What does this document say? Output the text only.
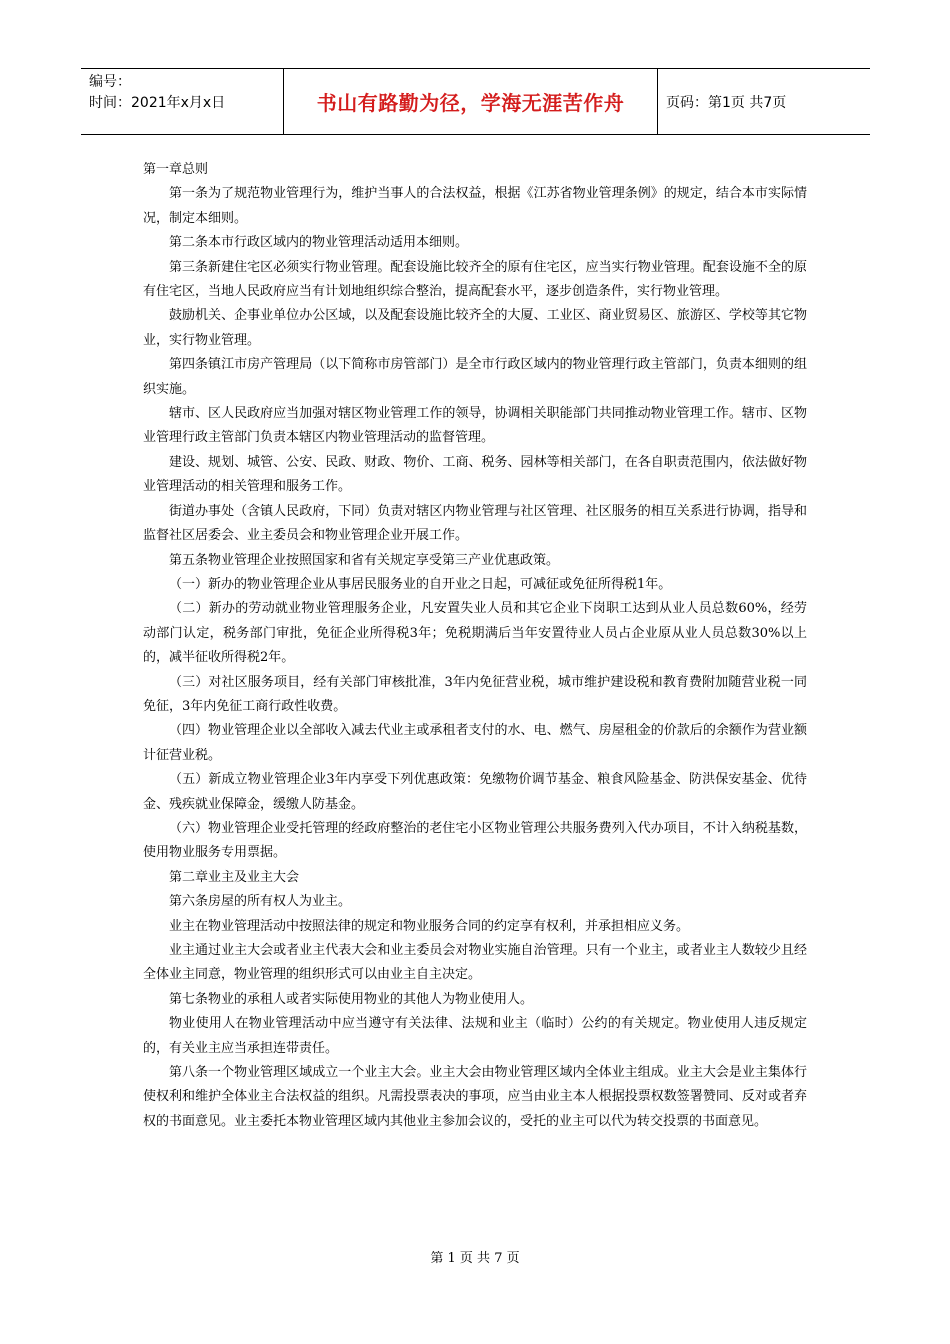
编号：
时间：2021年x月x日	书山有路勤为径，学海无涯苦作舟	页码：第1页 共7页

第一章总则

第一条为了规范物业管理行为，维护当事人的合法权益，根据《江苏省物业管理条例》的规定，结合本市实际情况，制定本细则。

第二条本市行政区域内的物业管理活动适用本细则。

第三条新建住宅区必须实行物业管理。配套设施比较齐全的原有住宅区，应当实行物业管理。配套设施不全的原有住宅区，当地人民政府应当有计划地组织综合整治，提高配套水平，逐步创造条件，实行物业管理。

鼓励机关、企事业单位办公区域，以及配套设施比较齐全的大厦、工业区、商业贸易区、旅游区、学校等其它物业，实行物业管理。

第四条镇江市房产管理局（以下简称市房管部门）是全市行政区域内的物业管理行政主管部门，负责本细则的组织实施。

辖市、区人民政府应当加强对辖区物业管理工作的领导，协调相关职能部门共同推动物业管理工作。辖市、区物业管理行政主管部门负责本辖区内物业管理活动的监督管理。

建设、规划、城管、公安、民政、财政、物价、工商、税务、园林等相关部门，在各自职责范围内，依法做好物业管理活动的相关管理和服务工作。

街道办事处（含镇人民政府，下同）负责对辖区内物业管理与社区管理、社区服务的相互关系进行协调，指导和监督社区居委会、业主委员会和物业管理企业开展工作。

第五条物业管理企业按照国家和省有关规定享受第三产业优惠政策。

（一）新办的物业管理企业从事居民服务业的自开业之日起，可减征或免征所得税1年。

（二）新办的劳动就业物业管理服务企业，凡安置失业人员和其它企业下岗职工达到从业人员总数60%，经劳动部门认定，税务部门审批，免征企业所得税3年；免税期满后当年安置待业人员占企业原从业人员总数30%以上的，减半征收所得税2年。

（三）对社区服务项目，经有关部门审核批准，3年内免征营业税，城市维护建设税和教育费附加随营业税一同免征，3年内免征工商行政性收费。

（四）物业管理企业以全部收入减去代业主或承租者支付的水、电、燃气、房屋租金的价款后的余额作为营业额计征营业税。

（五）新成立物业管理企业3年内享受下列优惠政策：免缴物价调节基金、粮食风险基金、防洪保安基金、优待金、残疾就业保障金，缓缴人防基金。

（六）物业管理企业受托管理的经政府整治的老住宅小区物业管理公共服务费列入代办项目，不计入纳税基数，使用物业服务专用票据。

第二章业主及业主大会

第六条房屋的所有权人为业主。

业主在物业管理活动中按照法律的规定和物业服务合同的约定享有权利，并承担相应义务。

业主通过业主大会或者业主代表大会和业主委员会对物业实施自治管理。只有一个业主，或者业主人数较少且经全体业主同意，物业管理的组织形式可以由业主自主决定。

第七条物业的承租人或者实际使用物业的其他人为物业使用人。

物业使用人在物业管理活动中应当遵守有关法律、法规和业主（临时）公约的有关规定。物业使用人违反规定的，有关业主应当承担连带责任。

第八条一个物业管理区域成立一个业主大会。业主大会由物业管理区域内全体业主组成。业主大会是业主集体行使权利和维护全体业主合法权益的组织。凡需投票表决的事项，应当由业主本人根据投票权数签署赞同、反对或者弃权的书面意见。业主委托本物业管理区域内其他业主参加会议的，受托的业主可以代为转交投票的书面意见。

第 1 页 共 7 页
